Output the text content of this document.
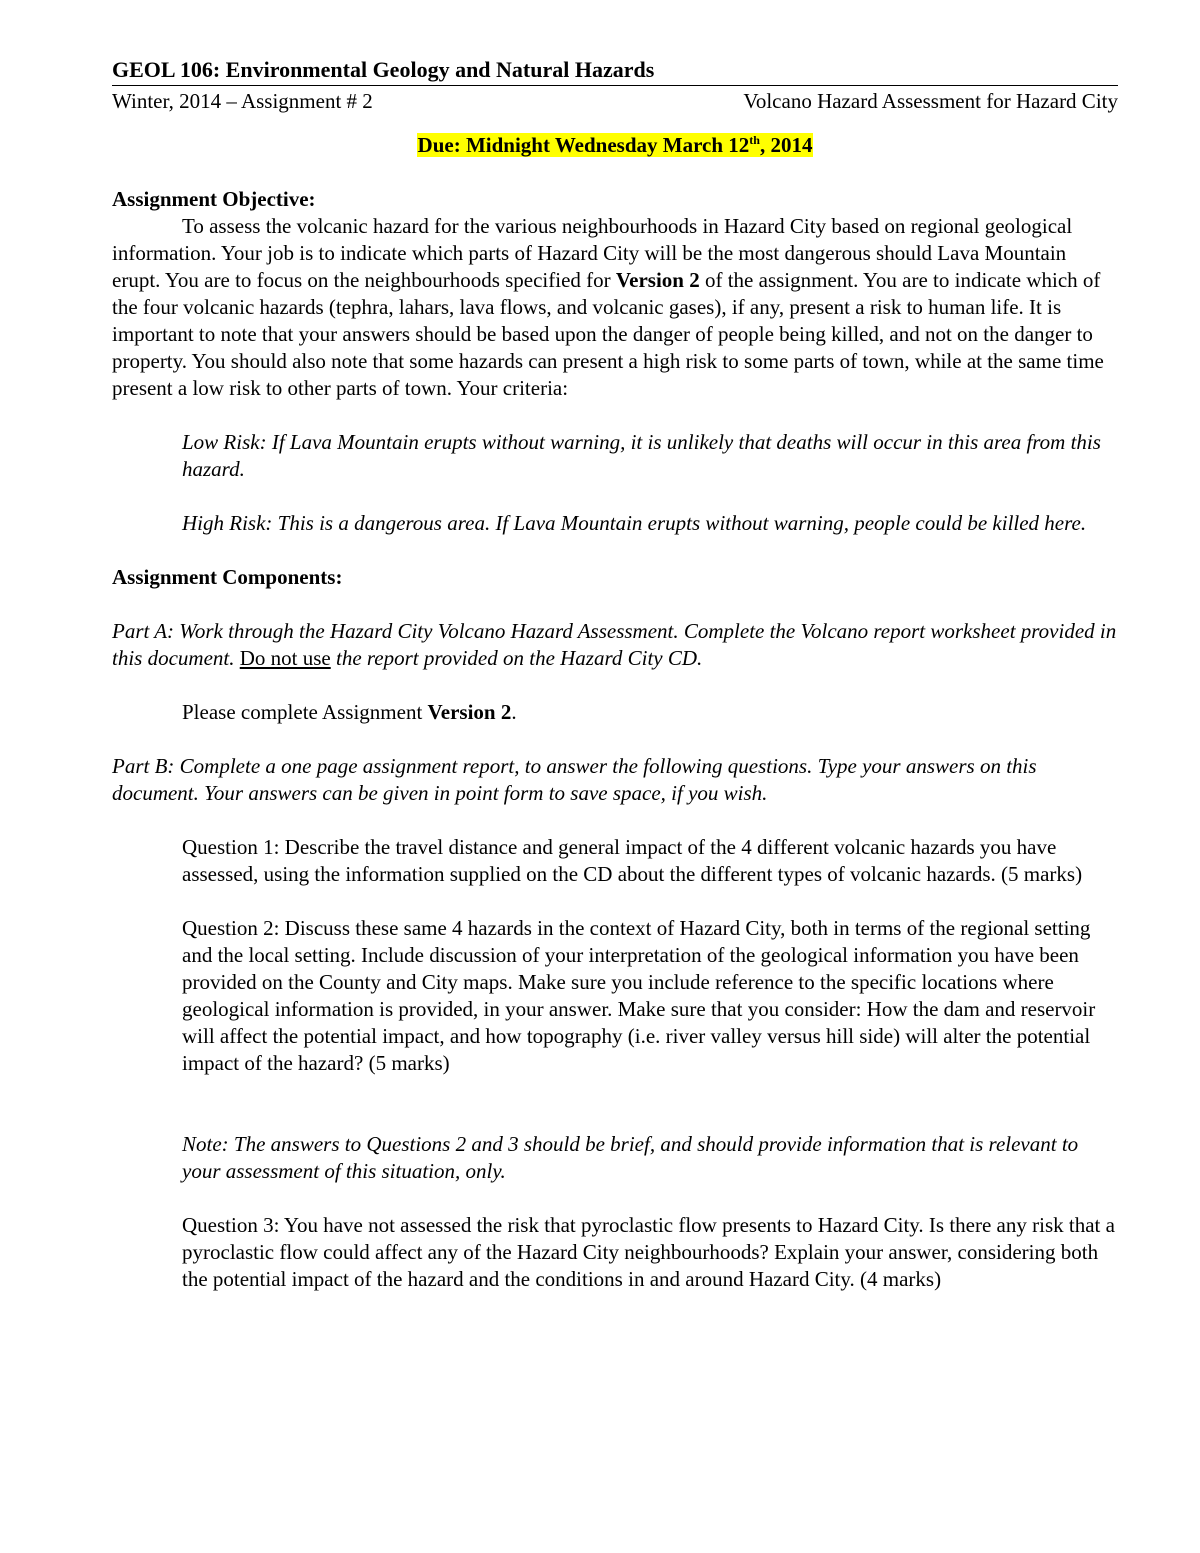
GEOL 106: Environmental Geology and Natural Hazards
Winter, 2014 – Assignment # 2	Volcano Hazard Assessment for Hazard City
Due: Midnight Wednesday March 12th, 2014
Assignment Objective:

To assess the volcanic hazard for the various neighbourhoods in Hazard City based on regional geological information. Your job is to indicate which parts of Hazard City will be the most dangerous should Lava Mountain erupt. You are to focus on the neighbourhoods specified for Version 2 of the assignment. You are to indicate which of the four volcanic hazards (tephra, lahars, lava flows, and volcanic gases), if any, present a risk to human life. It is important to note that your answers should be based upon the danger of people being killed, and not on the danger to property. You should also note that some hazards can present a high risk to some parts of town, while at the same time present a low risk to other parts of town. Your criteria:

Low Risk: If Lava Mountain erupts without warning, it is unlikely that deaths will occur in this area from this hazard.
High Risk: This is a dangerous area. If Lava Mountain erupts without warning, people could be killed here.
Assignment Components:

Part A: Work through the Hazard City Volcano Hazard Assessment. Complete the Volcano report worksheet provided in this document. Do not use the report provided on the Hazard City CD.

Please complete Assignment Version 2.

Part B: Complete a one page assignment report, to answer the following questions. Type your answers on this document. Your answers can be given in point form to save space, if you wish.

Question 1: Describe the travel distance and general impact of the 4 different volcanic hazards you have assessed, using the information supplied on the CD about the different types of volcanic hazards. (5 marks)

Question 2: Discuss these same 4 hazards in the context of Hazard City, both in terms of the regional setting and the local setting. Include discussion of your interpretation of the geological information you have been provided on the County and City maps. Make sure you include reference to the specific locations where geological information is provided, in your answer. Make sure that you consider: How the dam and reservoir will affect the potential impact, and how topography (i.e. river valley versus hill side) will alter the potential impact of the hazard? (5 marks)

Note: The answers to Questions 2 and 3 should be brief, and should provide information that is relevant to your assessment of this situation, only.

Question 3: You have not assessed the risk that pyroclastic flow presents to Hazard City. Is there any risk that a pyroclastic flow could affect any of the Hazard City neighbourhoods? Explain your answer, considering both the potential impact of the hazard and the conditions in and around Hazard City. (4 marks)
